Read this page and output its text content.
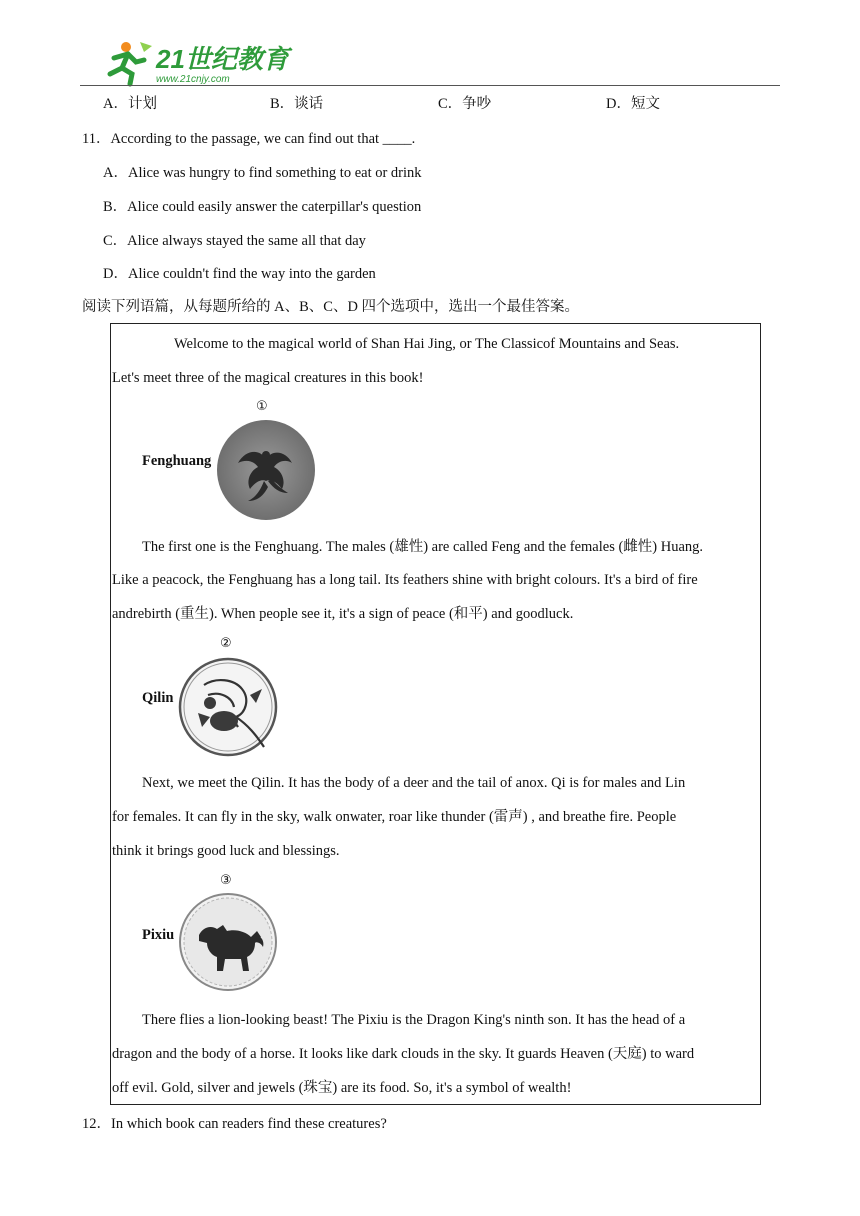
21世纪教育
www.21cnjy.com
A．计划	B．谈话	C．争吵	D．短文
11．According to the passage, we can find out that ____.
A．Alice was hungry to find something to eat or drink
B．Alice could easily answer the caterpillar's question
C．Alice always stayed the same all that day
D．Alice couldn't find the way into the garden
阅读下列语篇，从每题所给的 A、B、C、D 四个选项中，选出一个最佳答案。
Welcome to the magical world of Shan Hai Jing, or The Classicof Mountains and Seas.
Let's meet three of the magical creatures in this book!
①
Fenghuang
The first one is the Fenghuang. The males (雄性) are called Feng and the females (雌性) Huang.
Like a peacock, the Fenghuang has a long tail. Its feathers shine with bright colours. It's a bird of fire
andrebirth (重生). When people see it, it's a sign of peace (和平) and goodluck.
②
Qilin
Next, we meet the Qilin. It has the body of a deer and the tail of anox. Qi is for males and Lin
for females. It can fly in the sky, walk onwater, roar like thunder (雷声) , and breathe fire. People
think it brings good luck and blessings.
③
Pixiu
There flies a lion-looking beast! The Pixiu is the Dragon King's ninth son. It has the head of a
dragon and the body of a horse. It looks like dark clouds in the sky. It guards Heaven (天庭) to ward
off evil. Gold, silver and jewels (珠宝) are its food. So, it's a symbol of wealth!
12．In which book can readers find these creatures?
